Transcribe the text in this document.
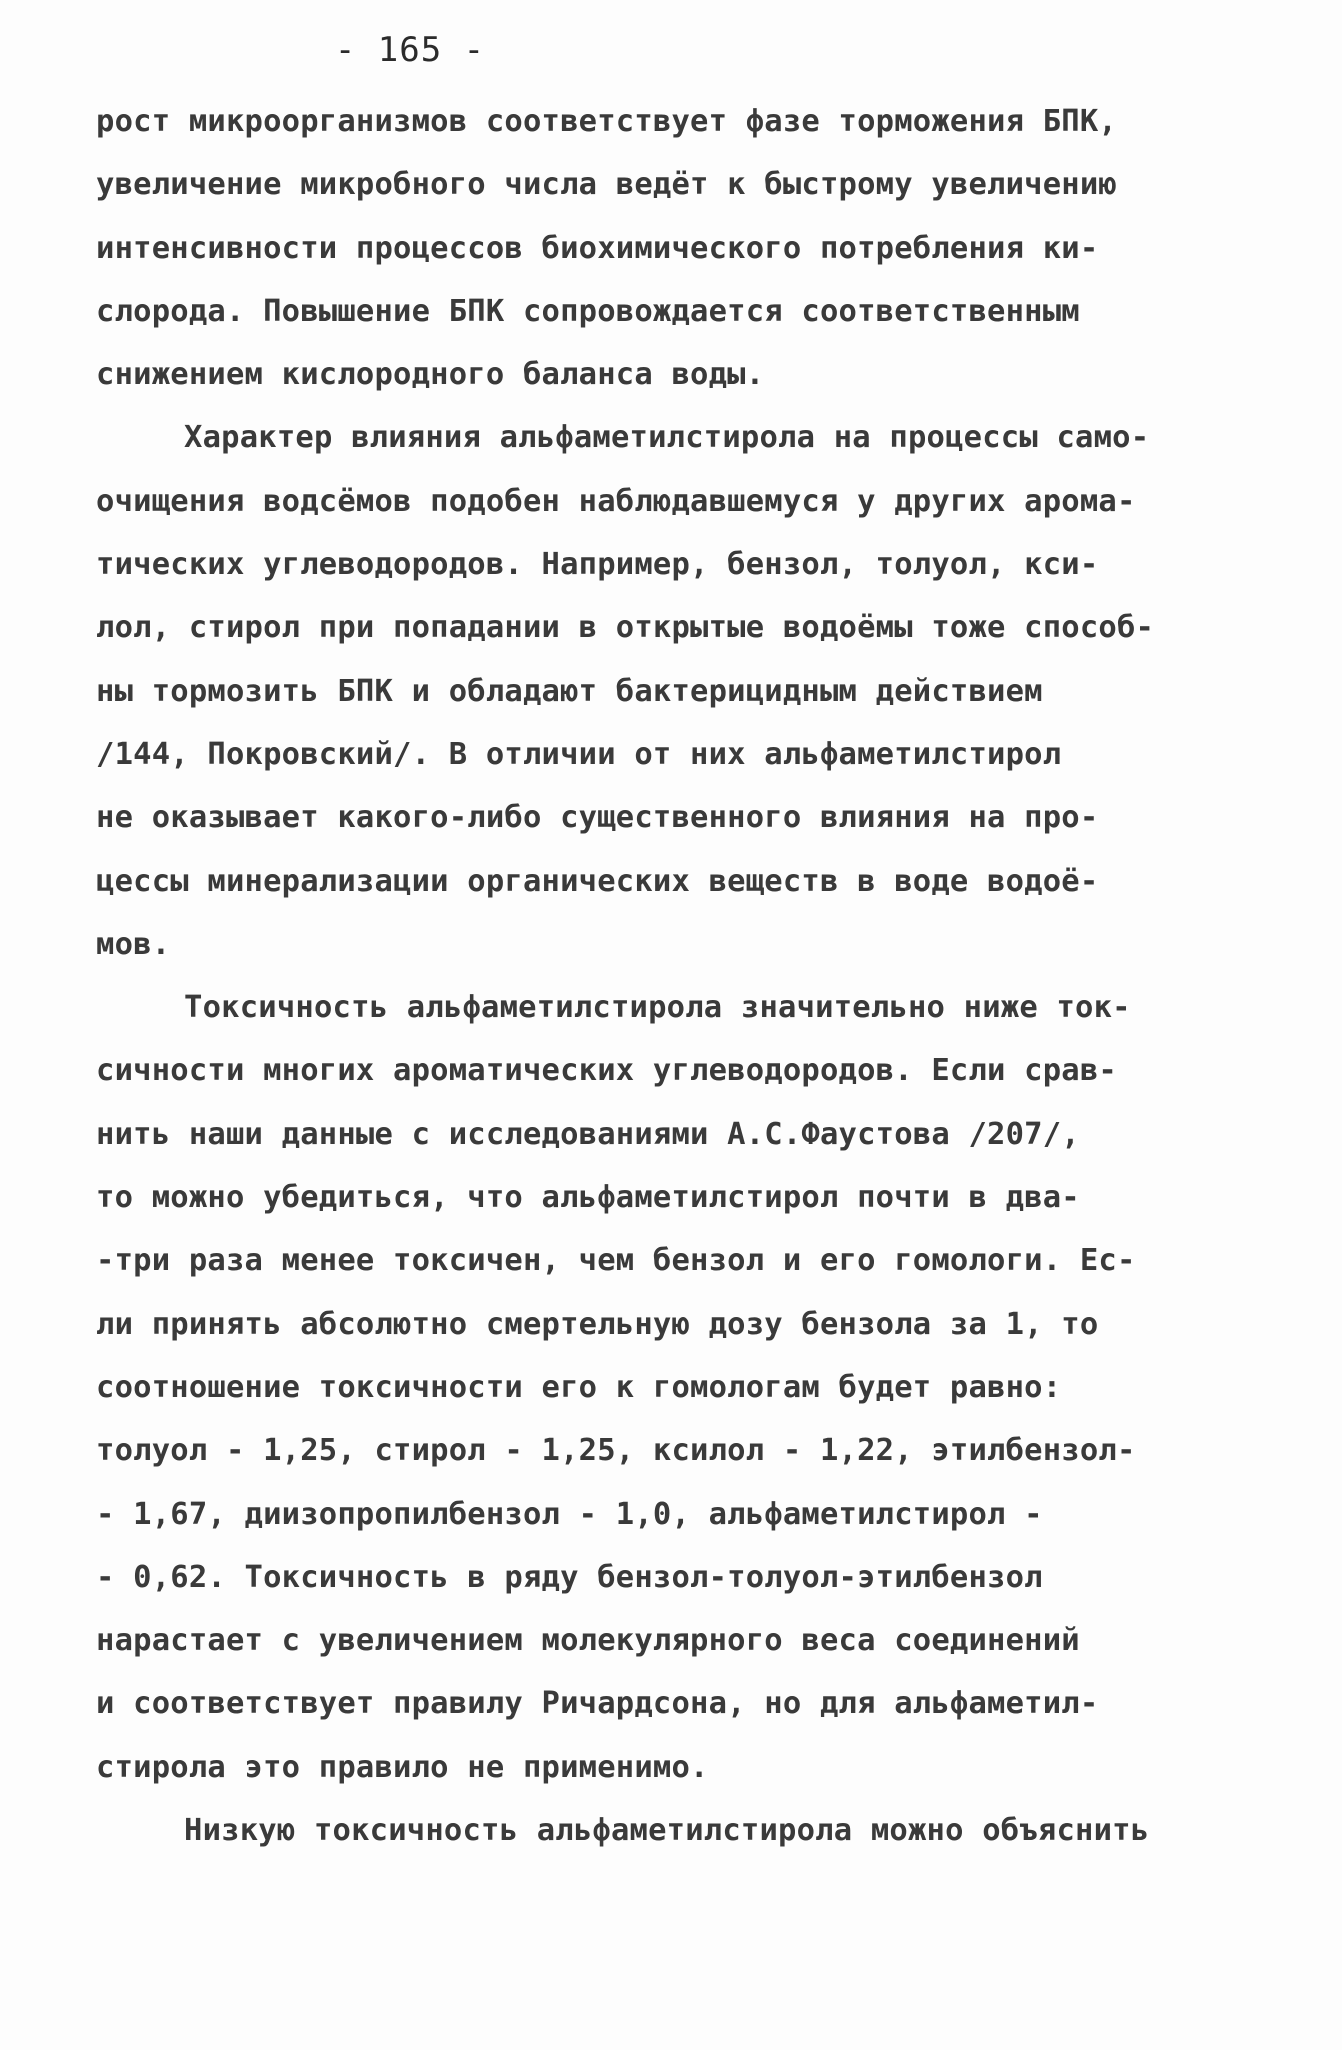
- 165 -
рост микроорганизмов соответствует фазе торможения БПК,
увеличение микробного числа ведёт к быстрому увеличению
интенсивности процессов биохимического потребления ки-
слорода. Повышение БПК сопровождается соответственным
снижением кислородного баланса воды.
Характер влияния альфаметилстирола на процессы само-
очищения водсёмов подобен наблюдавшемуся у других арома-
тических углеводородов. Например, бензол, толуол, кси-
лол, стирол при попадании в открытые водоёмы тоже способ-
ны тормозить БПК и обладают бактерицидным действием
/144, Покровский/. В отличии от них альфаметилстирол
не оказывает какого-либо существенного влияния на про-
цессы минерализации органических веществ в воде водоё-
мов.
Токсичность альфаметилстирола значительно ниже ток-
сичности многих ароматических углеводородов. Если срав-
нить наши данные с исследованиями А.С.Фаустова /207/,
то можно убедиться, что альфаметилстирол почти в два-
-три раза менее токсичен, чем бензол и его гомологи. Ес-
ли принять абсолютно смертельную дозу бензола за 1, то
соотношение токсичности его к гомологам будет равно:
толуол - 1,25, стирол - 1,25, ксилол - 1,22, этилбензол-
- 1,67, диизопропилбензол - 1,0, альфаметилстирол -
- 0,62. Токсичность в ряду бензол-толуол-этилбензол
нарастает с увеличением молекулярного веса соединений
и соответствует правилу Ричардсона, но для альфаметил-
стирола это правило не применимо.
Низкую токсичность альфаметилстирола можно объяснить
